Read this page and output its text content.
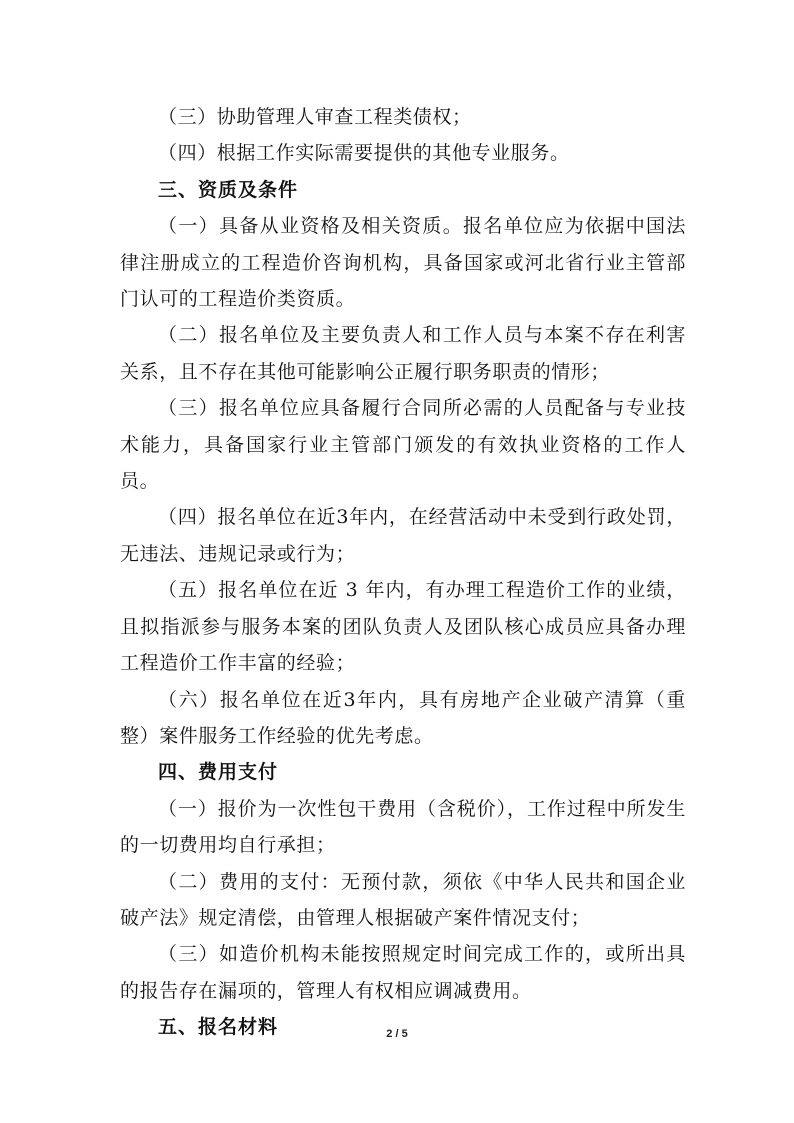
（三）协助管理人审查工程类债权；

（四）根据工作实际需要提供的其他专业服务。

三、资质及条件

（一）具备从业资格及相关资质。报名单位应为依据中国法律注册成立的工程造价咨询机构，具备国家或河北省行业主管部门认可的工程造价类资质。

（二）报名单位及主要负责人和工作人员与本案不存在利害关系，且不存在其他可能影响公正履行职务职责的情形；

（三）报名单位应具备履行合同所必需的人员配备与专业技术能力，具备国家行业主管部门颁发的有效执业资格的工作人员。

（四）报名单位在近3年内，在经营活动中未受到行政处罚，无违法、违规记录或行为；

（五）报名单位在近 3 年内，有办理工程造价工作的业绩，且拟指派参与服务本案的团队负责人及团队核心成员应具备办理工程造价工作丰富的经验；

（六）报名单位在近3年内，具有房地产企业破产清算（重整）案件服务工作经验的优先考虑。

四、费用支付

（一）报价为一次性包干费用（含税价），工作过程中所发生的一切费用均自行承担；

（二）费用的支付：无预付款，须依《中华人民共和国企业破产法》规定清偿，由管理人根据破产案件情况支付；

（三）如造价机构未能按照规定时间完成工作的，或所出具的报告存在漏项的，管理人有权相应调减费用。

五、报名材料	2 / 5
